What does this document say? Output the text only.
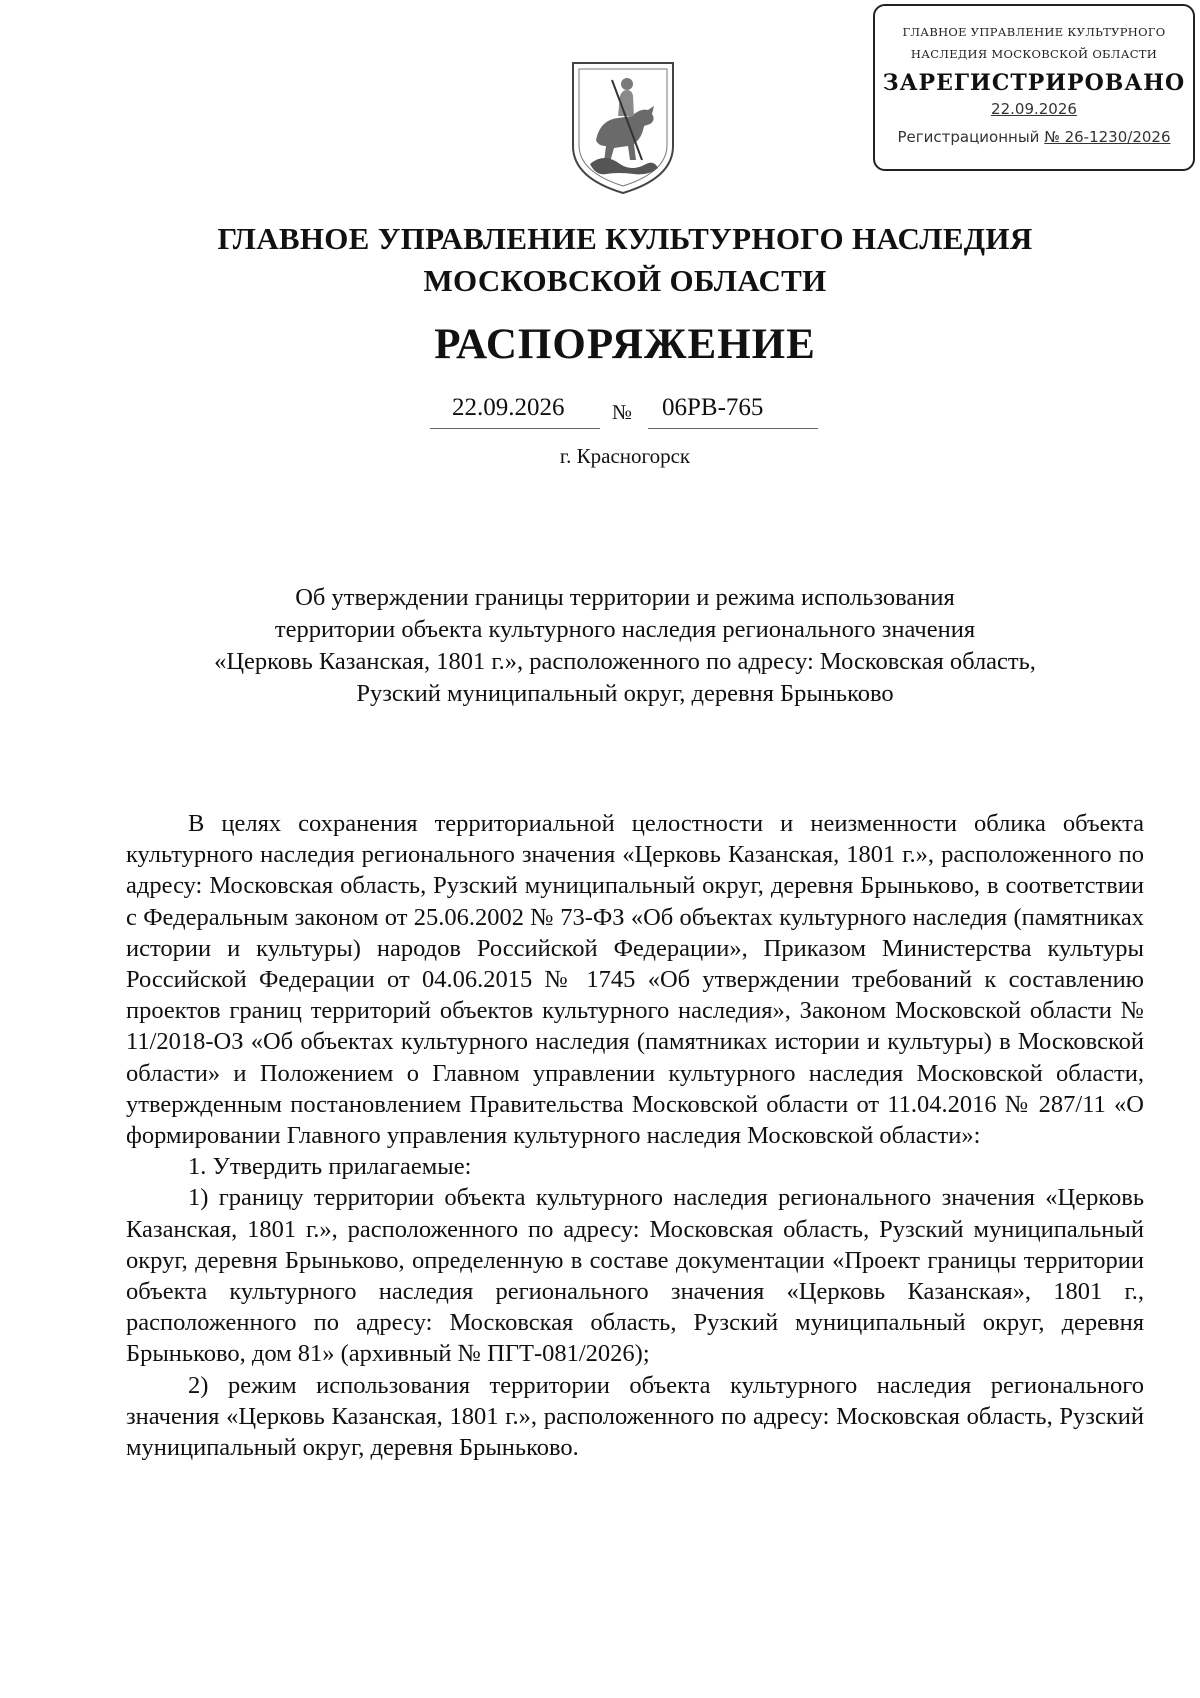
ГЛАВНОЕ УПРАВЛЕНИЕ КУЛЬТУРНОГО
НАСЛЕДИЯ МОСКОВСКОЙ ОБЛАСТИ
ЗАРЕГИСТРИРОВАНО
22.09.2026
Регистрационный № 26-1230/2026
ГЛАВНОЕ УПРАВЛЕНИЕ КУЛЬТУРНОГО НАСЛЕДИЯ
МОСКОВСКОЙ ОБЛАСТИ
РАСПОРЯЖЕНИЕ
22.09.2026 № 06РВ-765
г. Красногорск
Об утверждении границы территории и режима использования
территории объекта культурного наследия регионального значения
«Церковь Казанская, 1801 г.», расположенного по адресу: Московская область,
Рузский муниципальный округ, деревня Брыньково

В целях сохранения территориальной целостности и неизменности облика объекта культурного наследия регионального значения «Церковь Казанская, 1801 г.», расположенного по адресу: Московская область, Рузский муниципальный округ, деревня Брыньково, в соответствии с Федеральным законом от 25.06.2002 № 73-ФЗ «Об объектах культурного наследия (памятниках истории и культуры) народов Российской Федерации», Приказом Министерства культуры Российской Федерации от 04.06.2015 № 1745 «Об утверждении требований к составлению проектов границ территорий объектов культурного наследия», Законом Московской области № 11/2018-ОЗ «Об объектах культурного наследия (памятниках истории и культуры) в Московской области» и Положением о Главном управлении культурного наследия Московской области, утвержденным постановлением Правительства Московской области от 11.04.2016 № 287/11 «О формировании Главного управления культурного наследия Московской области»:

1. Утвердить прилагаемые:

1) границу территории объекта культурного наследия регионального значения «Церковь Казанская, 1801 г.», расположенного по адресу: Московская область, Рузский муниципальный округ, деревня Брыньково, определенную в составе документации «Проект границы территории объекта культурного наследия регионального значения «Церковь Казанская», 1801 г., расположенного по адресу: Московская область, Рузский муниципальный округ, деревня Брыньково, дом 81» (архивный № ПГТ-081/2026);

2) режим использования территории объекта культурного наследия регионального значения «Церковь Казанская, 1801 г.», расположенного по адресу: Московская область, Рузский муниципальный округ, деревня Брыньково.
